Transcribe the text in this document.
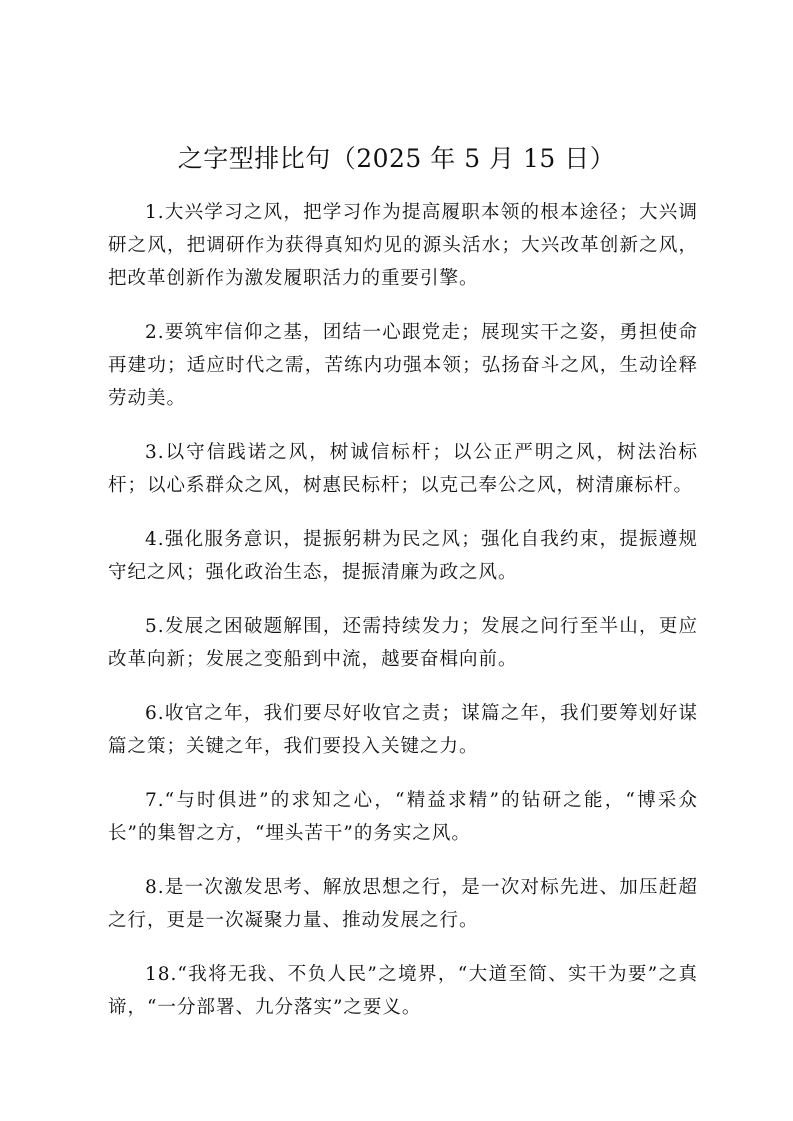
之字型排比句（2025 年 5 月 15 日）

1.大兴学习之风，把学习作为提高履职本领的根本途径；大兴调研之风，把调研作为获得真知灼见的源头活水；大兴改革创新之风，把改革创新作为激发履职活力的重要引擎。

2.要筑牢信仰之基，团结一心跟党走；展现实干之姿，勇担使命再建功；适应时代之需，苦练内功强本领；弘扬奋斗之风，生动诠释劳动美。

3.以守信践诺之风，树诚信标杆；以公正严明之风，树法治标杆；以心系群众之风，树惠民标杆；以克己奉公之风，树清廉标杆。

4.强化服务意识，提振躬耕为民之风；强化自我约束，提振遵规守纪之风；强化政治生态，提振清廉为政之风。

5.发展之困破题解围，还需持续发力；发展之问行至半山，更应改革向新；发展之变船到中流，越要奋楫向前。

6.收官之年，我们要尽好收官之责；谋篇之年，我们要筹划好谋篇之策；关键之年，我们要投入关键之力。

7.“与时俱进”的求知之心，“精益求精”的钻研之能，“博采众长”的集智之方，“埋头苦干”的务实之风。

8.是一次激发思考、解放思想之行，是一次对标先进、加压赶超之行，更是一次凝聚力量、推动发展之行。

18.“我将无我、不负人民”之境界，“大道至简、实干为要”之真谛，“一分部署、九分落实”之要义。
